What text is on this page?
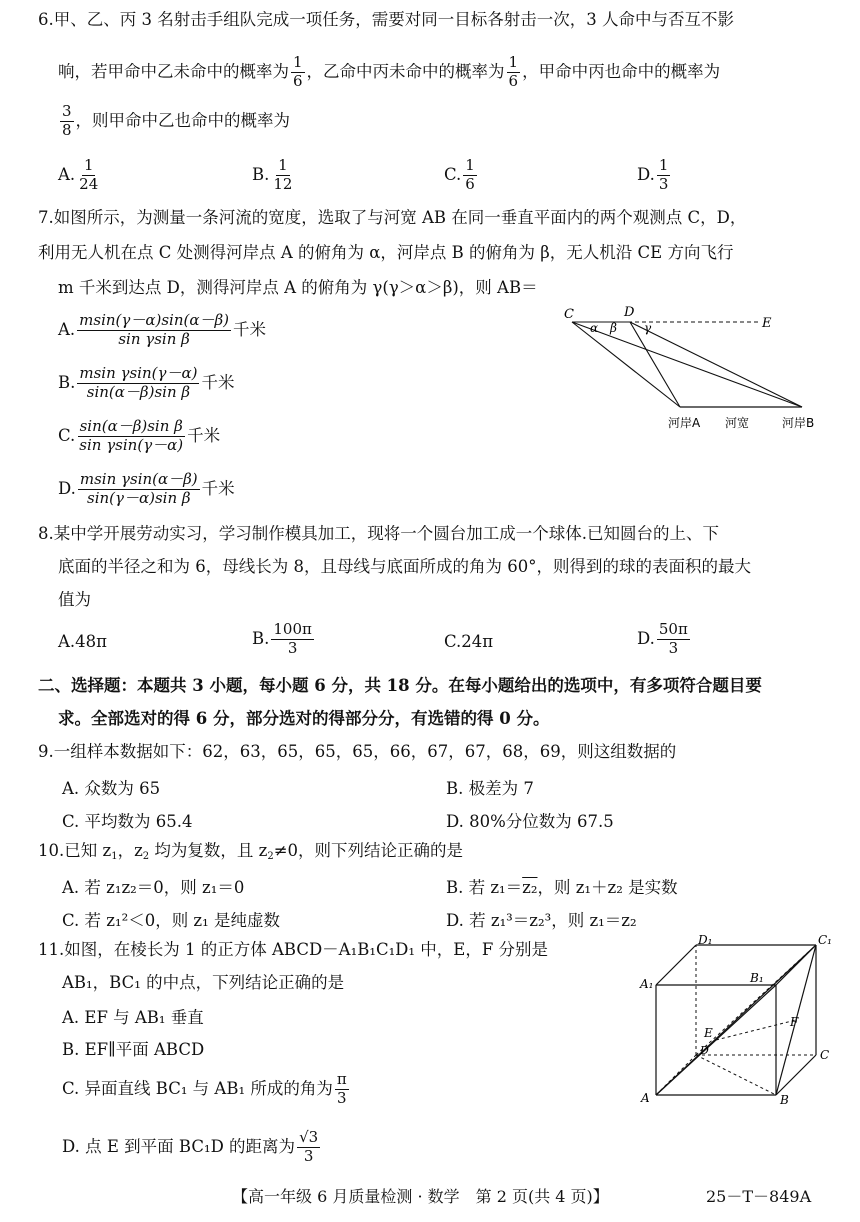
6.甲、乙、丙 3 名射击手组队完成一项任务，需要对同一目标各射击一次，3 人命中与否互不影
响，若甲命中乙未命中的概率为 $\frac{1}{6}$ ，乙命中丙未命中的概率为 $\frac{1}{6}$ ，甲命中丙也命中的概率为
$\frac{3}{8}$ ，则甲命中乙也命中的概率为
A. $\frac{1}{24}$	B. $\frac{1}{12}$	C. $\frac{1}{6}$	D. $\frac{1}{3}$
7.如图所示，为测量一条河流的宽度，选取了与河宽 AB 在同一垂直平面内的两个观测点 C，D，
利用无人机在点 C 处测得河岸点 A 的俯角为 α，河岸点 B 的俯角为 β，无人机沿 CE 方向飞行
m 千米到达点 D，测得河岸点 A 的俯角为 γ(γ＞α＞β)，则 AB＝
A. $\frac{msin(\gamma-\alpha)\sin(\alpha-\beta)}{\text{sin γsin β}}$ 千米
B. $\frac{\text{msin γsin(γ－α)}}{\text{sin(α－β)sin β}}$ 千米
C. $\frac{\text{sin(α－β)sin β}}{\text{sin γsin(γ－α)}}$ 千米
D. $\frac{\text{msin γsin(α－β)}}{\text{sin(γ－α)sin β}}$ 千米
C	D
E
α β γ
河岸A 河宽	河岸B
8.某中学开展劳动实习，学习制作模具加工，现将一个圆台加工成一个球体.已知圆台的上、下
底面的半径之和为 6，母线长为 8，且母线与底面所成的角为 60°，则得到的球的表面积的最大
值为
A.48π	B. $\frac{100\pi}{3}$	C.24π	D. $\frac{50\pi}{3}$
二、选择题：本题共 3 小题，每小题 6 分，共 18 分。在每小题给出的选项中，有多项符合题目要
求。全部选对的得 6 分，部分选对的得部分分，有选错的得 0 分。
9.一组样本数据如下：62，63，65，65，65，66，67，67，68，69，则这组数据的
A. 众数为 65	B. 极差为 7
C. 平均数为 65.4	D. 80%分位数为 67.5
10.已知 $z_1$，$z_2$ 均为复数，且 $z_2\ne 0$，则下列结论正确的是
A. 若 z₁z₂＝0，则 z₁＝0	B. 若 z₁＝z₂，则 z₁＋z₂ 是实数
C. 若 z₁²＜0，则 z₁ 是纯虚数	D. 若 z₁³＝z₂³，则 z₁＝z₂
11.如图，在棱长为 1 的正方体 ABCD－A₁B₁C₁D₁ 中，E，F 分别是
AB₁，BC₁ 的中点，下列结论正确的是
A. EF 与 AB₁ 垂直
B. EF∥平面 ABCD
C. 异面直线 BC₁ 与 AB₁ 所成的角为 $\frac{\pi}{3}$
D. 点 E 到平面 BC₁D 的距离为 $\frac{√3}{3}$
A	B
C
D
A₁	B₁
C₁
D₁
E
F
【高一年级 6 月质量检测 · 数学　第 2 页(共 4 页)】	25－T－849A
